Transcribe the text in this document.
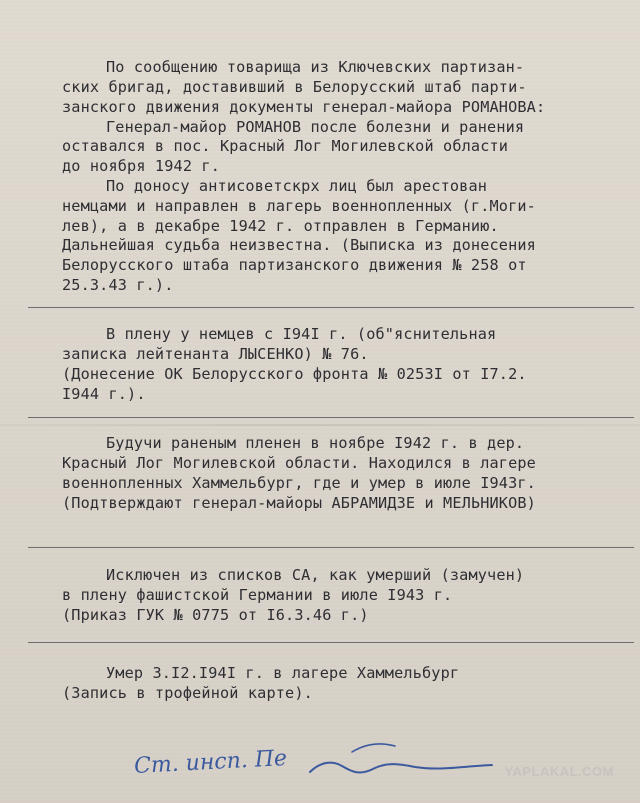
По сообщению товарища из Ключевских партизан-
ских бригад, доставивший в Белорусский штаб парти-
занского движения документы генерал-майора РОМАНОВА:
Генерал-майор РОМАНОВ после болезни и ранения
оставался в пос. Красный Лог Могилевской области
до ноября 1942 г.
По доносу антисоветскрх лиц был арестован
немцами и направлен в лагерь военнопленных (г.Моги-
лев), а в декабре 1942 г. отправлен в Германию.
Дальнейшая судьба неизвестна. (Выписка из донесения
Белорусского штаба партизанского движения № 258 от
25.3.43 г.).
В плену у немцев с I94I г. (об"яснительная
записка лейтенанта ЛЫСЕНКО) № 76.
(Донесение ОК Белорусского фронта № 0253I от I7.2.
I944 г.).
Будучи раненым пленен в ноябре I942 г. в дер.
Красный Лог Могилевской области. Находился в лагере
военнопленных Хаммельбург, где и умер в июле I943г.
(Подтверждают генерал-майоры АБРАМИДЗЕ и МЕЛЬНИКОВ)
Исключен из списков СА, как умерший (замучен)
в плену фашистской Германии в июле I943 г.
(Приказ ГУК № 0775 от I6.3.46 г.)
Умер 3.I2.I94I г. в лагере Хаммельбург
(Запись в трофейной карте).
Ст. инсп. Пе	YAPLAKAL.COM
